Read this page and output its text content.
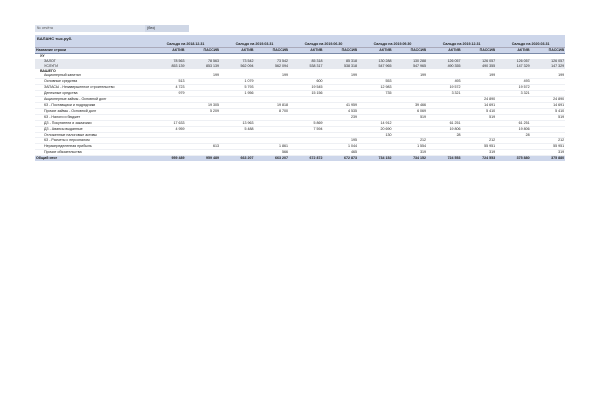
№ отчёта	(без)
БАЛАНС тыс.руб.
	Сальдо на 2018.12.31		Сальдо на 2019.03.31		Сальдо на 2019.06.30		Сальдо на 2019.09.30		Сальдо на 2019.12.31		Сальдо на 2020.03.31	
Название строки	АКТИВ	ПАССИВ	АКТИВ	ПАССИВ	АКТИВ	ПАССИВ	АКТИВ	ПАССИВ	АКТИВ	ПАССИВ	АКТИВ	ПАССИВ
УУ												
ЗАЛОГ	78 563	78 563	73 542	73 542	85 318	85 318	130 288	130 288	126 057	126 057	126 057	126 057
УСЛУГИ	853 139	853 139	562 094	562 094	538 317	538 318	547 965	547 965	490 355	490 355	147 329	147 329
ВАШЕГО												
Акционерный капитал		199		199		199		199		199		199
Основные средства	513		1 079		600		553		493		493	
ЗАПАСЫ - Незавершенное строительство	4 723		5 793		19 545		12 983		19 572		19 572	
Денежные средства	979		1 956		15 156		735		3 321		3 321	
Акционерные займы - Основной долг										24 890		24 890
КЗ - Поставщики и подрядчики		19 305		19 818		41 959		39 466		14 691		14 691
Прочие займы - Основной долг		5 209		8 700		4 535		6 069		5 410		5 410
КЗ - Налоги и бюджет						239		519		519		519
ДЗ - Покупатели и заказчики	17 633		13 963		5 869		14 912		61 251		61 251	
ДЗ - Авансы выданные	4 959		5 488		7 594		20 690		19 806		19 806	
Отложенные налоговые активы							130		28		28	
КЗ - Расчеты с персоналом						195		212		212		212
Нераспределенная прибыль		613		1 861		1 044		1 554		55 951		55 951
Прочие обязательства				566		465		319		319		319
Общий итог	959 489	959 489	663 207	663 207	672 872	672 873	734 152	734 152	724 553	724 553	375 880	375 880
